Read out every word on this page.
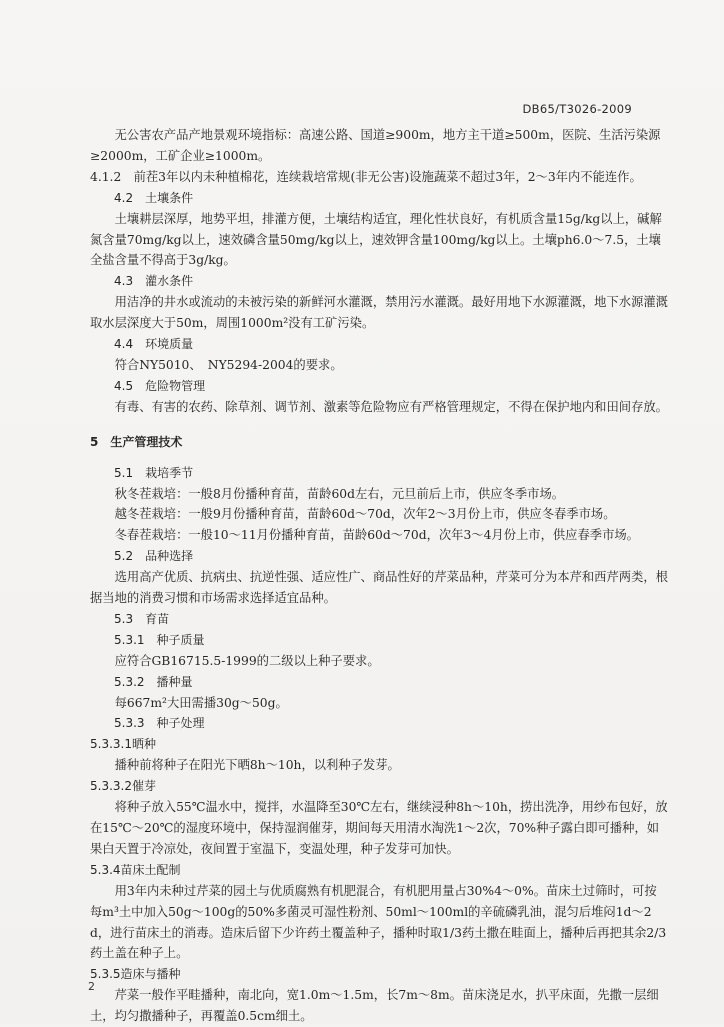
DB65/T3026-2009

无公害农产品产地景观环境指标：高速公路、国道≥900m，地方主干道≥500m，医院、生活污染源≥2000m，工矿企业≥1000m。

4.1.2　前茬3年以内未种植棉花，连续栽培常规(非无公害)设施蔬菜不超过3年，2～3年内不能连作。

4.2　土壤条件

土壤耕层深厚，地势平坦，排灌方便，土壤结构适宜，理化性状良好，有机质含量15g/kg以上，碱解氮含量70mg/kg以上，速效磷含量50mg/kg以上，速效钾含量100mg/kg以上。土壤ph6.0～7.5，土壤全盐含量不得高于3g/kg。

4.3　灌水条件

用洁净的井水或流动的未被污染的新鲜河水灌溉，禁用污水灌溉。最好用地下水源灌溉，地下水源灌溉取水层深度大于50m，周围1000m²没有工矿污染。

4.4　环境质量

符合NY5010、　NY5294-2004的要求。

4.5　危险物管理

有毒、有害的农药、除草剂、调节剂、激素等危险物应有严格管理规定，不得在保护地内和田间存放。

5　生产管理技术

5.1　栽培季节

秋冬茬栽培：一般8月份播种育苗，苗龄60d左右，元旦前后上市，供应冬季市场。

越冬茬栽培：一般9月份播种育苗，苗龄60d～70d，次年2～3月份上市，供应冬春季市场。

冬春茬栽培：一般10～11月份播种育苗，苗龄60d～70d，次年3～4月份上市，供应春季市场。

5.2　品种选择

选用高产优质、抗病虫、抗逆性强、适应性广、商品性好的芹菜品种，芹菜可分为本芹和西芹两类，根据当地的消费习惯和市场需求选择适宜品种。

5.3　育苗

5.3.1　种子质量

应符合GB16715.5-1999的二级以上种子要求。

5.3.2　播种量

每667m²大田需播30g～50g。

5.3.3　种子处理

5.3.3.1晒种

播种前将种子在阳光下晒8h～10h，以利种子发芽。

5.3.3.2催芽

将种子放入55℃温水中，搅拌，水温降至30℃左右，继续浸种8h～10h，捞出洗净，用纱布包好，放在15℃～20℃的湿度环境中，保持湿润催芽，期间每天用清水淘洗1～2次，70%种子露白即可播种，如果白天置于冷凉处，夜间置于室温下，变温处理，种子发芽可加快。

5.3.4苗床土配制

用3年内未种过芹菜的园土与优质腐熟有机肥混合，有机肥用量占30%4～0%。苗床土过筛时，可按每m³土中加入50g～100g的50%多菌灵可湿性粉剂、50ml～100ml的辛硫磷乳油，混匀后堆闷1d～2d，进行苗床土的消毒。造床后留下少许药土覆盖种子，播种时取1/3药土撒在畦面上，播种后再把其余2/3药土盖在种子上。

5.3.5造床与播种

芹菜一般作平畦播种，南北向，宽1.0m～1.5m，长7m～8m。苗床浇足水，扒平床面，先撒一层细土，均匀撒播种子，再覆盖0.5cm细土。

2
